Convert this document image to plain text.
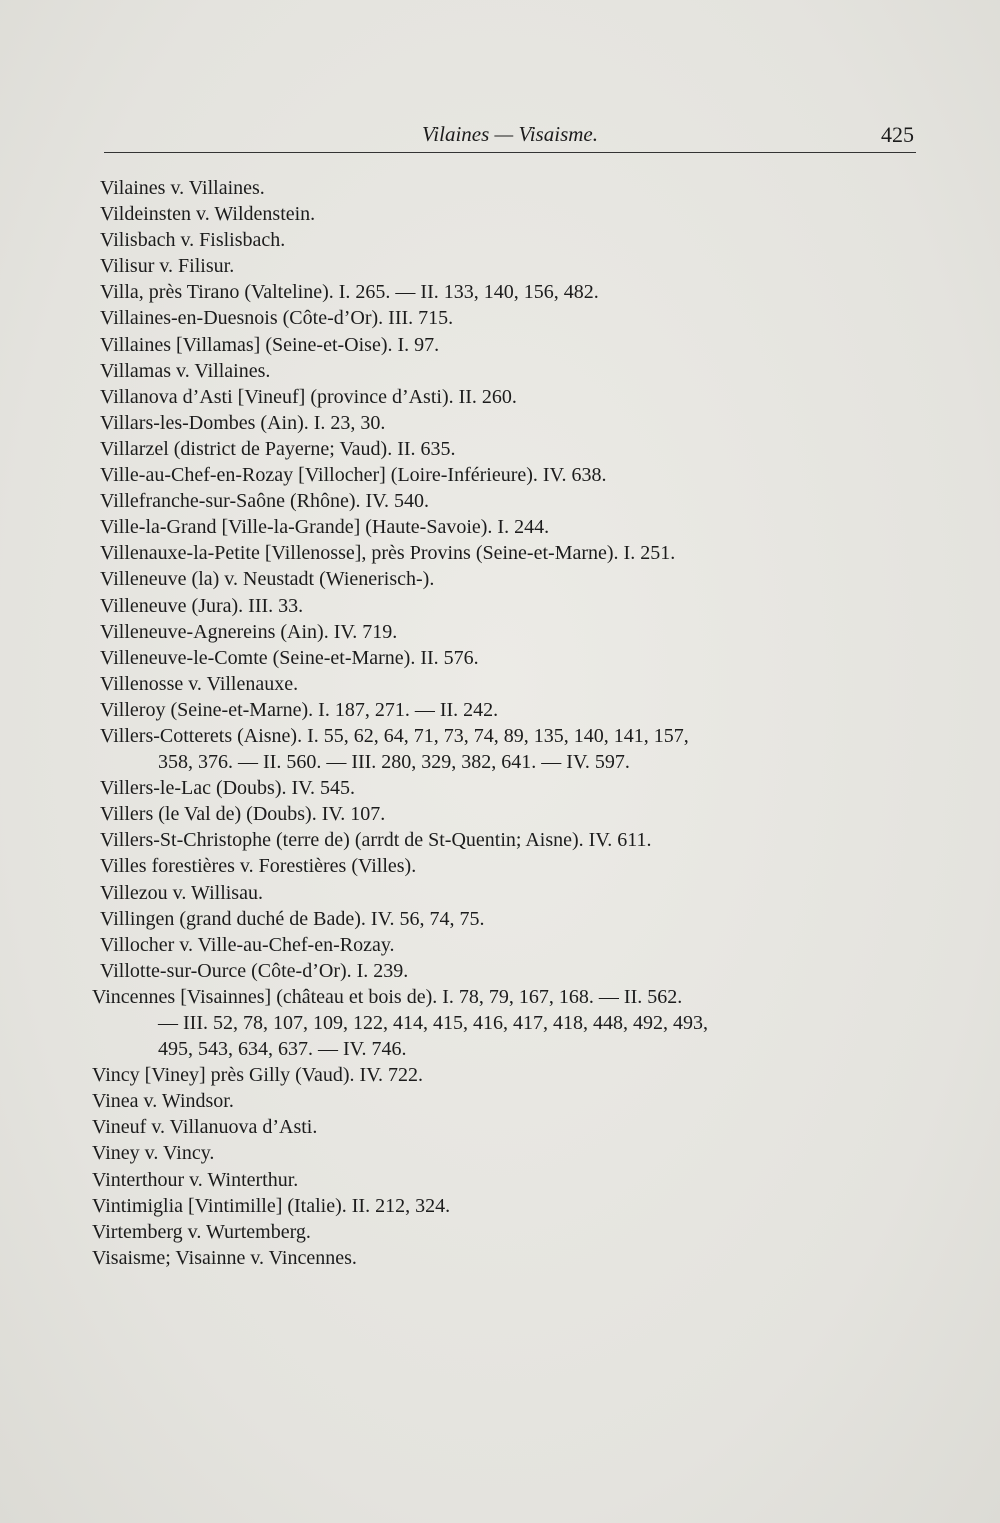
Vilaines — Visaisme.	425
Vilaines v. Villaines.
Vildeinsten v. Wildenstein.
Vilisbach v. Fislisbach.
Vilisur v. Filisur.
Villa, près Tirano (Valteline). I. 265. — II. 133, 140, 156, 482.
Villaines-en-Duesnois (Côte-d’Or). III. 715.
Villaines [Villamas] (Seine-et-Oise). I. 97.
Villamas v. Villaines.
Villanova d’Asti [Vineuf] (province d’Asti). II. 260.
Villars-les-Dombes (Ain). I. 23, 30.
Villarzel (district de Payerne; Vaud). II. 635.
Ville-au-Chef-en-Rozay [Villocher] (Loire-Inférieure). IV. 638.
Villefranche-sur-Saône (Rhône). IV. 540.
Ville-la-Grand [Ville-la-Grande] (Haute-Savoie). I. 244.
Villenauxe-la-Petite [Villenosse], près Provins (Seine-et-Marne). I. 251.
Villeneuve (la) v. Neustadt (Wienerisch-).
Villeneuve (Jura). III. 33.
Villeneuve-Agnereins (Ain). IV. 719.
Villeneuve-le-Comte (Seine-et-Marne). II. 576.
Villenosse v. Villenauxe.
Villeroy (Seine-et-Marne). I. 187, 271. — II. 242.
Villers-Cotterets (Aisne). I. 55, 62, 64, 71, 73, 74, 89, 135, 140, 141, 157,
358, 376. — II. 560. — III. 280, 329, 382, 641. — IV. 597.
Villers-le-Lac (Doubs). IV. 545.
Villers (le Val de) (Doubs). IV. 107.
Villers-St-Christophe (terre de) (arrdt de St-Quentin; Aisne). IV. 611.
Villes forestières v. Forestières (Villes).
Villezou v. Willisau.
Villingen (grand duché de Bade). IV. 56, 74, 75.
Villocher v. Ville-au-Chef-en-Rozay.
Villotte-sur-Ource (Côte-d’Or). I. 239.
Vincennes [Visainnes] (château et bois de). I. 78, 79, 167, 168. — II. 562.
— III. 52, 78, 107, 109, 122, 414, 415, 416, 417, 418, 448, 492, 493,
495, 543, 634, 637. — IV. 746.
Vincy [Viney] près Gilly (Vaud). IV. 722.
Vinea v. Windsor.
Vineuf v. Villanuova d’Asti.
Viney v. Vincy.
Vinterthour v. Winterthur.
Vintimiglia [Vintimille] (Italie). II. 212, 324.
Virtemberg v. Wurtemberg.
Visaisme; Visainne v. Vincennes.
